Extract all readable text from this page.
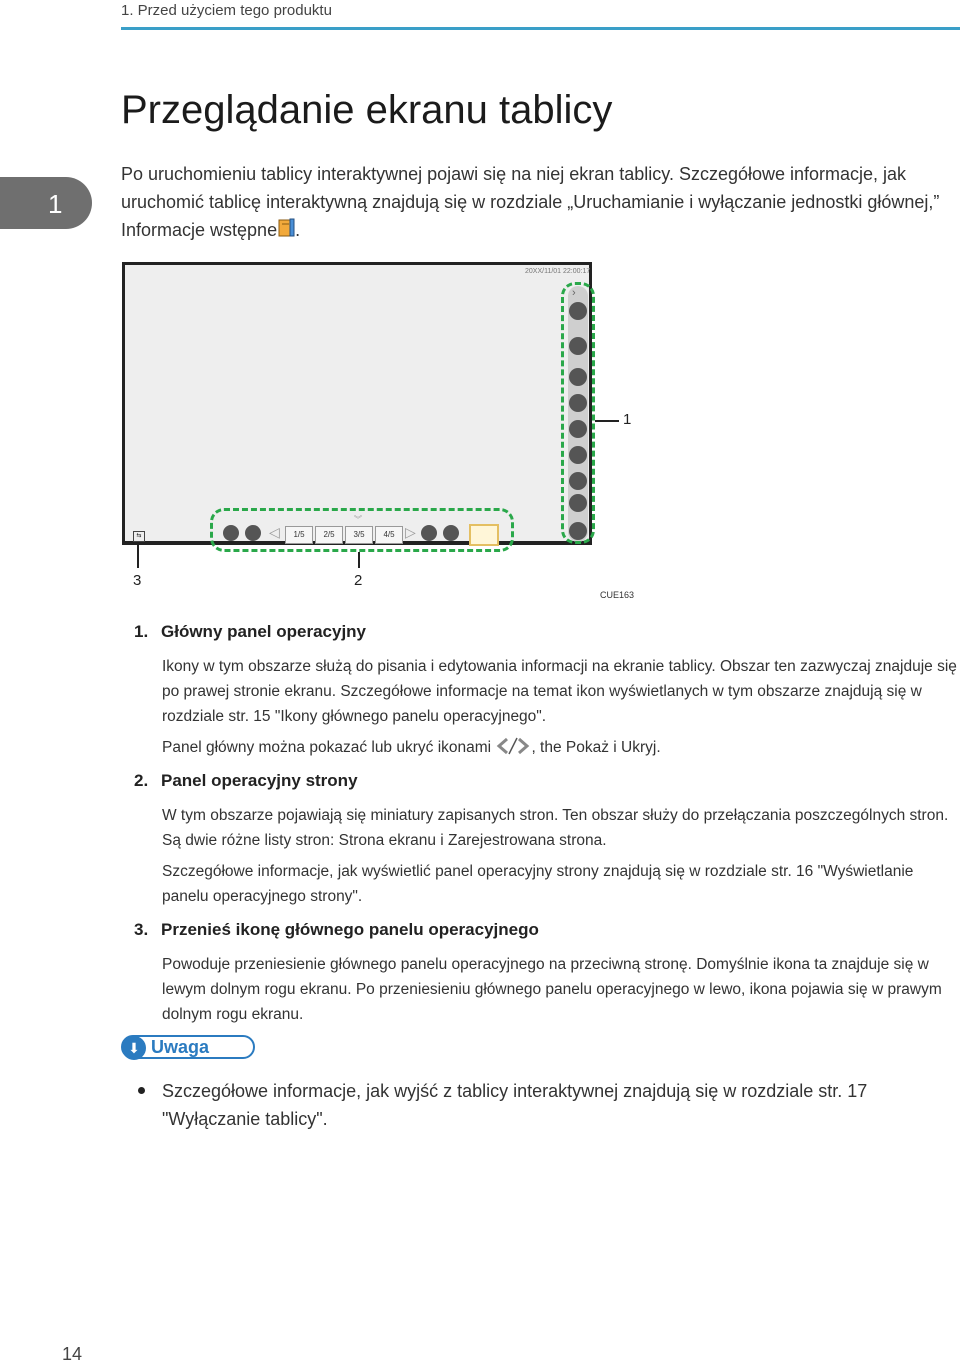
1. Przed użyciem tego produktu
1
Przeglądanie ekranu tablicy

Po uruchomieniu tablicy interaktywnej pojawi się na niej ekran tablicy. Szczegółowe informacje, jak uruchomić tablicę interaktywną znajdują się w rozdziale „Uruchamianie i wyłączanie jednostki głównej,” Informacje wstępne .

20XX/11/01 22:00:17
›
︾
◁	1/5	2/5	3/5	4/5 ▷
⇆
1
2
3
CUE163
1. Główny panel operacyjny

Ikony w tym obszarze służą do pisania i edytowania informacji na ekranie tablicy. Obszar ten zazwyczaj znajduje się po prawej stronie ekranu. Szczegółowe informacje na temat ikon wyświetlanych w tym obszarze znajdują się w rozdziale str. 15 "Ikony głównego panelu operacyjnego".

Panel główny można pokazać lub ukryć ikonami	, the Pokaż i Ukryj.

2. Panel operacyjny strony

W tym obszarze pojawiają się miniatury zapisanych stron. Ten obszar służy do przełączania poszczególnych stron. Są dwie różne listy stron: Strona ekranu i Zarejestrowana strona.

Szczegółowe informacje, jak wyświetlić panel operacyjny strony znajdują się w rozdziale str. 16 "Wyświetlanie panelu operacyjnego strony".

3. Przenieś ikonę głównego panelu operacyjnego

Powoduje przeniesienie głównego panelu operacyjnego na przeciwną stronę. Domyślnie ikona ta znajduje się w lewym dolnym rogu ekranu. Po przeniesieniu głównego panelu operacyjnego w lewo, ikona pojawia się w prawym dolnym rogu ekranu.

⬇ Uwaga

Szczegółowe informacje, jak wyjść z tablicy interaktywnej znajdują się w rozdziale str. 17 "Wyłączanie tablicy".

14
